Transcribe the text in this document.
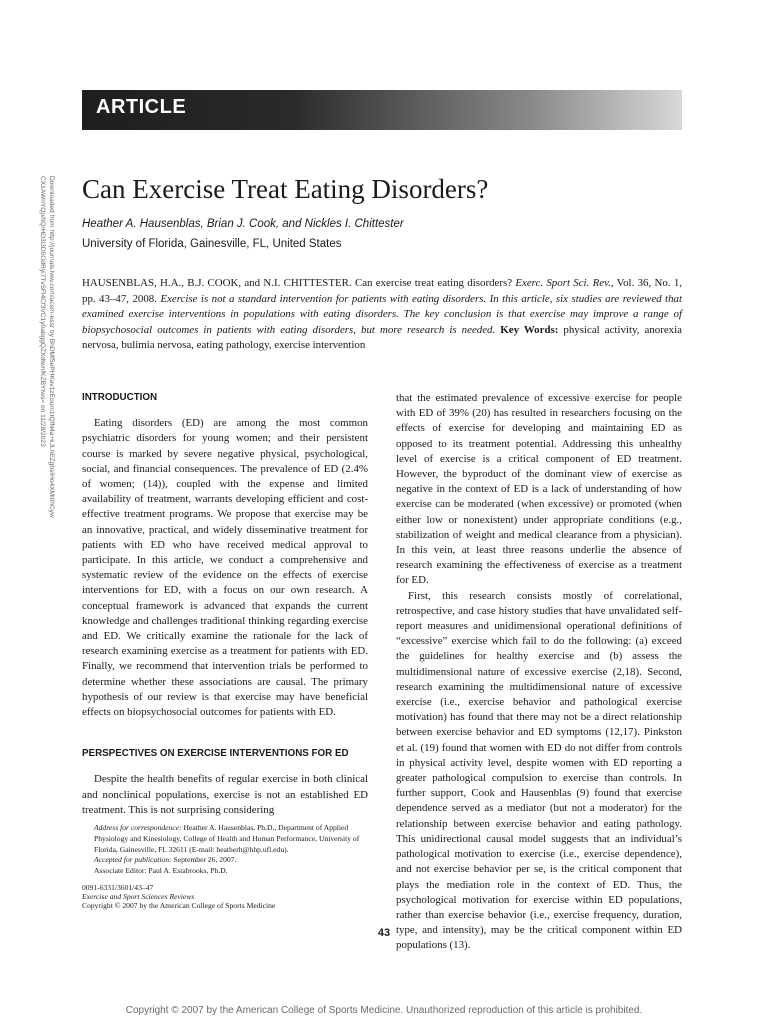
ARTICLE
Downloaded from http://journals.lww.com/acsm-essr by BhDMf5ePHKav1zEoum1tQfN4a+kJLhEZgbsIHo4XMi0hCyw CX1AWnYQp/IlQrHD3i3D0OdRyi7TvSFl4Cf3VC1y0abggQZXdtwnfKZBYtws= on 11/28/2023	Can Exercise Treat Eating Disorders?
Heather A. Hausenblas, Brian J. Cook, and Nickles I. Chittester
University of Florida, Gainesville, FL, United States
HAUSENBLAS, H.A., B.J. COOK, and N.I. CHITTESTER. Can exercise treat eating disorders? Exerc. Sport Sci. Rev., Vol. 36, No. 1, pp. 43–47, 2008. Exercise is not a standard intervention for patients with eating disorders. In this article, six studies are reviewed that examined exercise interventions in populations with eating disorders. The key conclusion is that exercise may improve a range of biopsychosocial outcomes in patients with eating disorders, but more research is needed. Key Words: physical activity, anorexia nervosa, bulimia nervosa, eating pathology, exercise intervention
INTRODUCTION

Eating disorders (ED) are among the most common psychiatric disorders for young women; and their persistent course is marked by severe negative physical, psychological, social, and financial consequences. The prevalence of ED (2.4% of women; (14)), coupled with the expense and limited availability of treatment, warrants developing efficient and cost-effective treatment programs. We propose that exercise may be an innovative, practical, and widely disseminative treatment for patients with ED who have received medical approval to participate. In this article, we conduct a comprehensive and systematic review of the evidence on the effects of exercise interventions for ED, with a focus on our own research. A conceptual framework is advanced that expands the current knowledge and challenges traditional thinking regarding exercise and ED. We critically examine the rationale for the lack of research examining exercise as a treatment for patients with ED. Finally, we recommend that intervention trials be performed to determine whether these associations are causal. The primary hypothesis of our review is that exercise may have beneficial effects on biopsychosocial outcomes for patients with ED.

PERSPECTIVES ON EXERCISE INTERVENTIONS FOR ED

Despite the health benefits of regular exercise in both clinical and nonclinical populations, exercise is not an established ED treatment. This is not surprising considering

that the estimated prevalence of excessive exercise for people with ED of 39% (20) has resulted in researchers focusing on the effects of exercise for developing and maintaining ED as opposed to its treatment potential. Addressing this unhealthy level of exercise is a critical component of ED treatment. However, the byproduct of the dominant view of exercise as negative in the context of ED is a lack of understanding of how exercise can be moderated (when excessive) or promoted (when either low or nonexistent) under appropriate conditions (e.g., stabilization of weight and medical clearance from a physician). In this vein, at least three reasons underlie the absence of research examining the effectiveness of exercise as a treatment for ED.

First, this research consists mostly of correlational, retrospective, and case history studies that have unvalidated self-report measures and unidimensional operational definitions of “excessive” exercise which fail to do the following: (a) exceed the guidelines for healthy exercise and (b) assess the multidimensional nature of excessive exercise (2,18). Second, research examining the multidimensional nature of excessive exercise (i.e., exercise behavior and pathological exercise motivation) has found that there may not be a direct relationship between exercise behavior and ED symptoms (12,17). Pinkston et al. (19) found that women with ED do not differ from controls in physical activity level, despite women with ED reporting a greater pathological compulsion to exercise than controls. In further support, Cook and Hausenblas (9) found that exercise dependence served as a mediator (but not a moderator) for the relationship between exercise behavior and eating pathology. This unidirectional causal model suggests that an individual’s pathological motivation to exercise (i.e., exercise dependence), and not exercise behavior per se, is the critical component that plays the mediation role in the context of ED. Thus, the psychological motivation for exercise within ED populations, rather than exercise behavior (i.e., exercise frequency, duration, type, and intensity), may be the critical component within ED populations (13).

Address for correspondence: Heather A. Hausenblas, Ph.D., Department of Applied Physiology and Kinesiology, College of Health and Human Performance, University of Florida, Gainesville, FL 32611 (E-mail: heatherh@hhp.ufl.edu).
Accepted for publication: September 26, 2007.
Associate Editor: Paul A. Estabrooks, Ph.D.
0091-6331/3601/43–47
Exercise and Sport Sciences Reviews
Copyright © 2007 by the American College of Sports Medicine
43
Copyright © 2007 by the American College of Sports Medicine. Unauthorized reproduction of this article is prohibited.
